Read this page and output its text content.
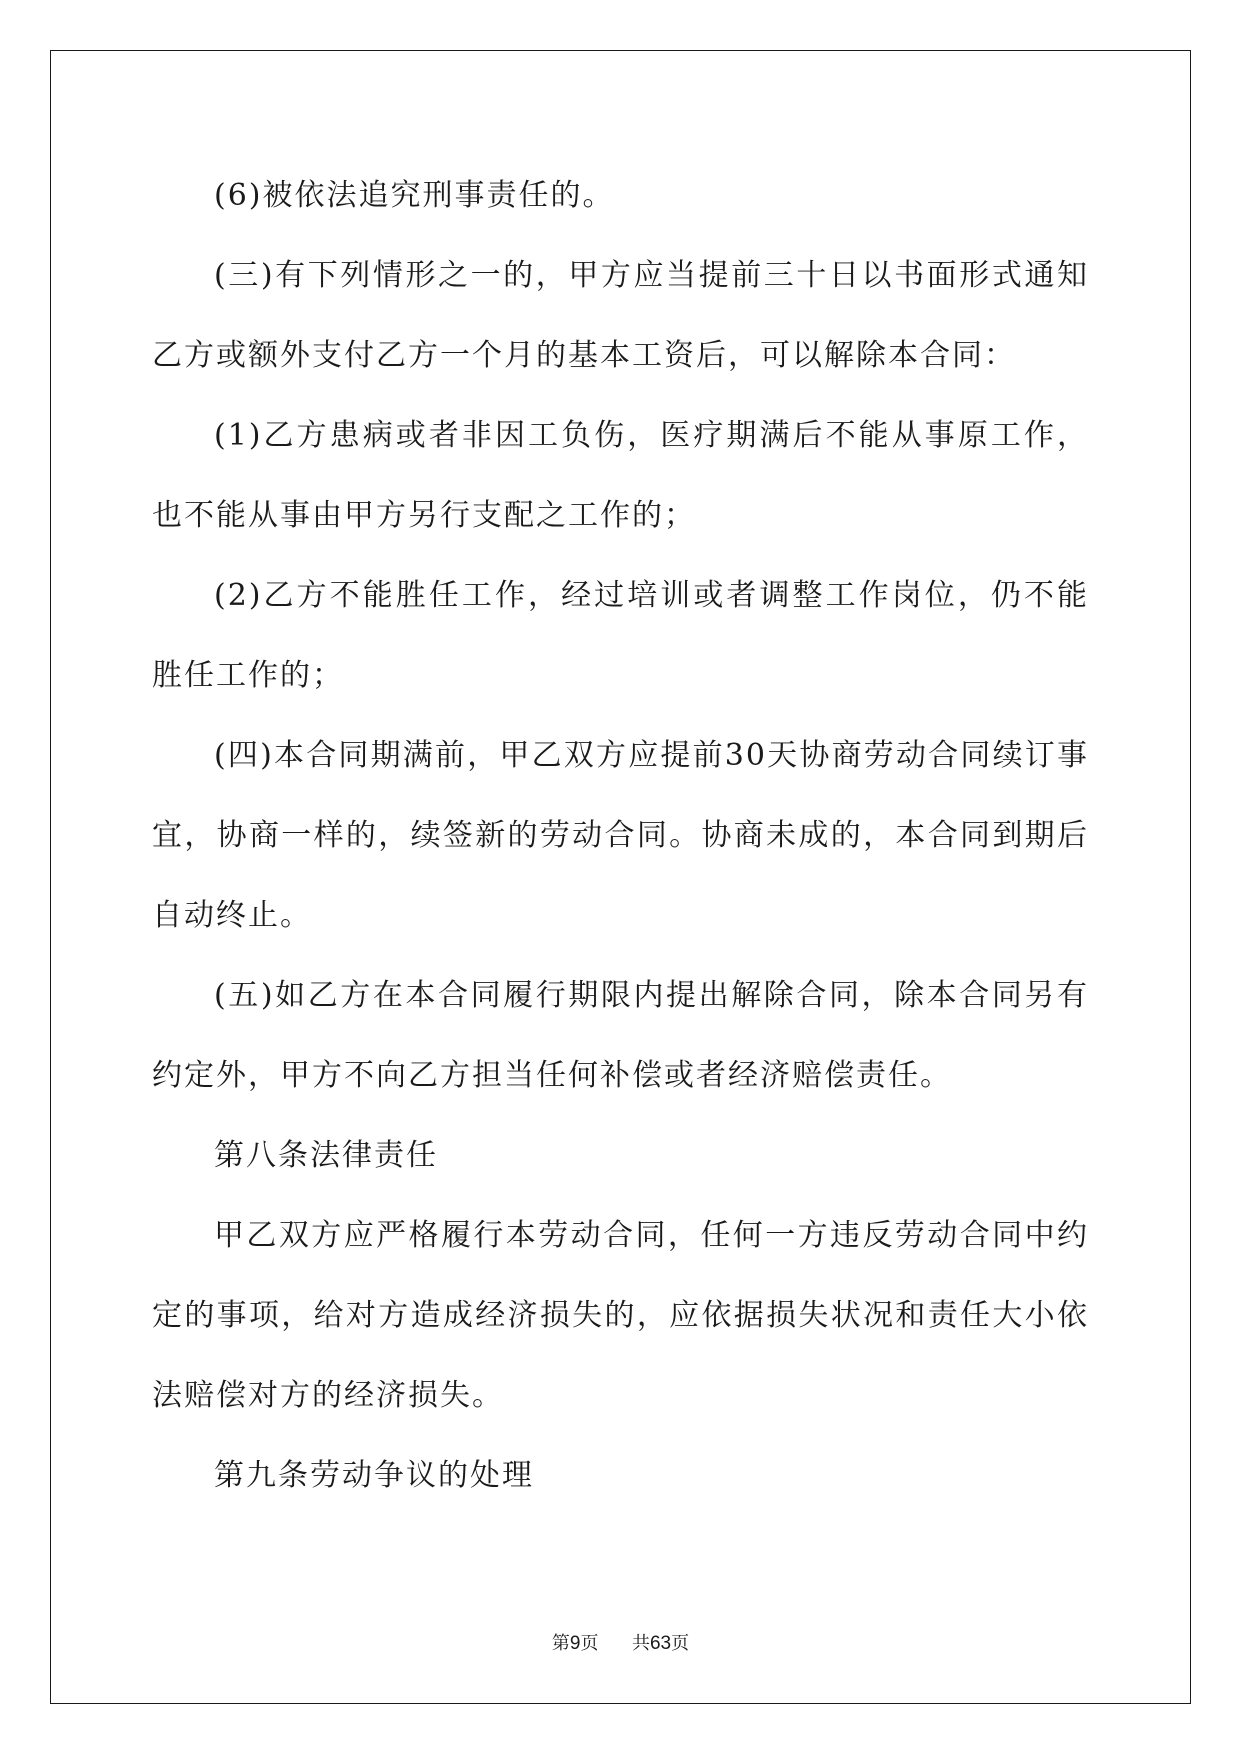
(6)被依法追究刑事责任的。

(三)有下列情形之一的，甲方应当提前三十日以书面形式通知乙方或额外支付乙方一个月的基本工资后，可以解除本合同：

(1)乙方患病或者非因工负伤，医疗期满后不能从事原工作，也不能从事由甲方另行支配之工作的；

(2)乙方不能胜任工作，经过培训或者调整工作岗位，仍不能胜任工作的；

(四)本合同期满前，甲乙双方应提前30天协商劳动合同续订事宜，协商一样的，续签新的劳动合同。协商未成的，本合同到期后自动终止。

(五)如乙方在本合同履行期限内提出解除合同，除本合同另有约定外，甲方不向乙方担当任何补偿或者经济赔偿责任。

第八条法律责任

甲乙双方应严格履行本劳动合同，任何一方违反劳动合同中约定的事项，给对方造成经济损失的，应依据损失状况和责任大小依法赔偿对方的经济损失。

第九条劳动争议的处理

第9页 共63页
